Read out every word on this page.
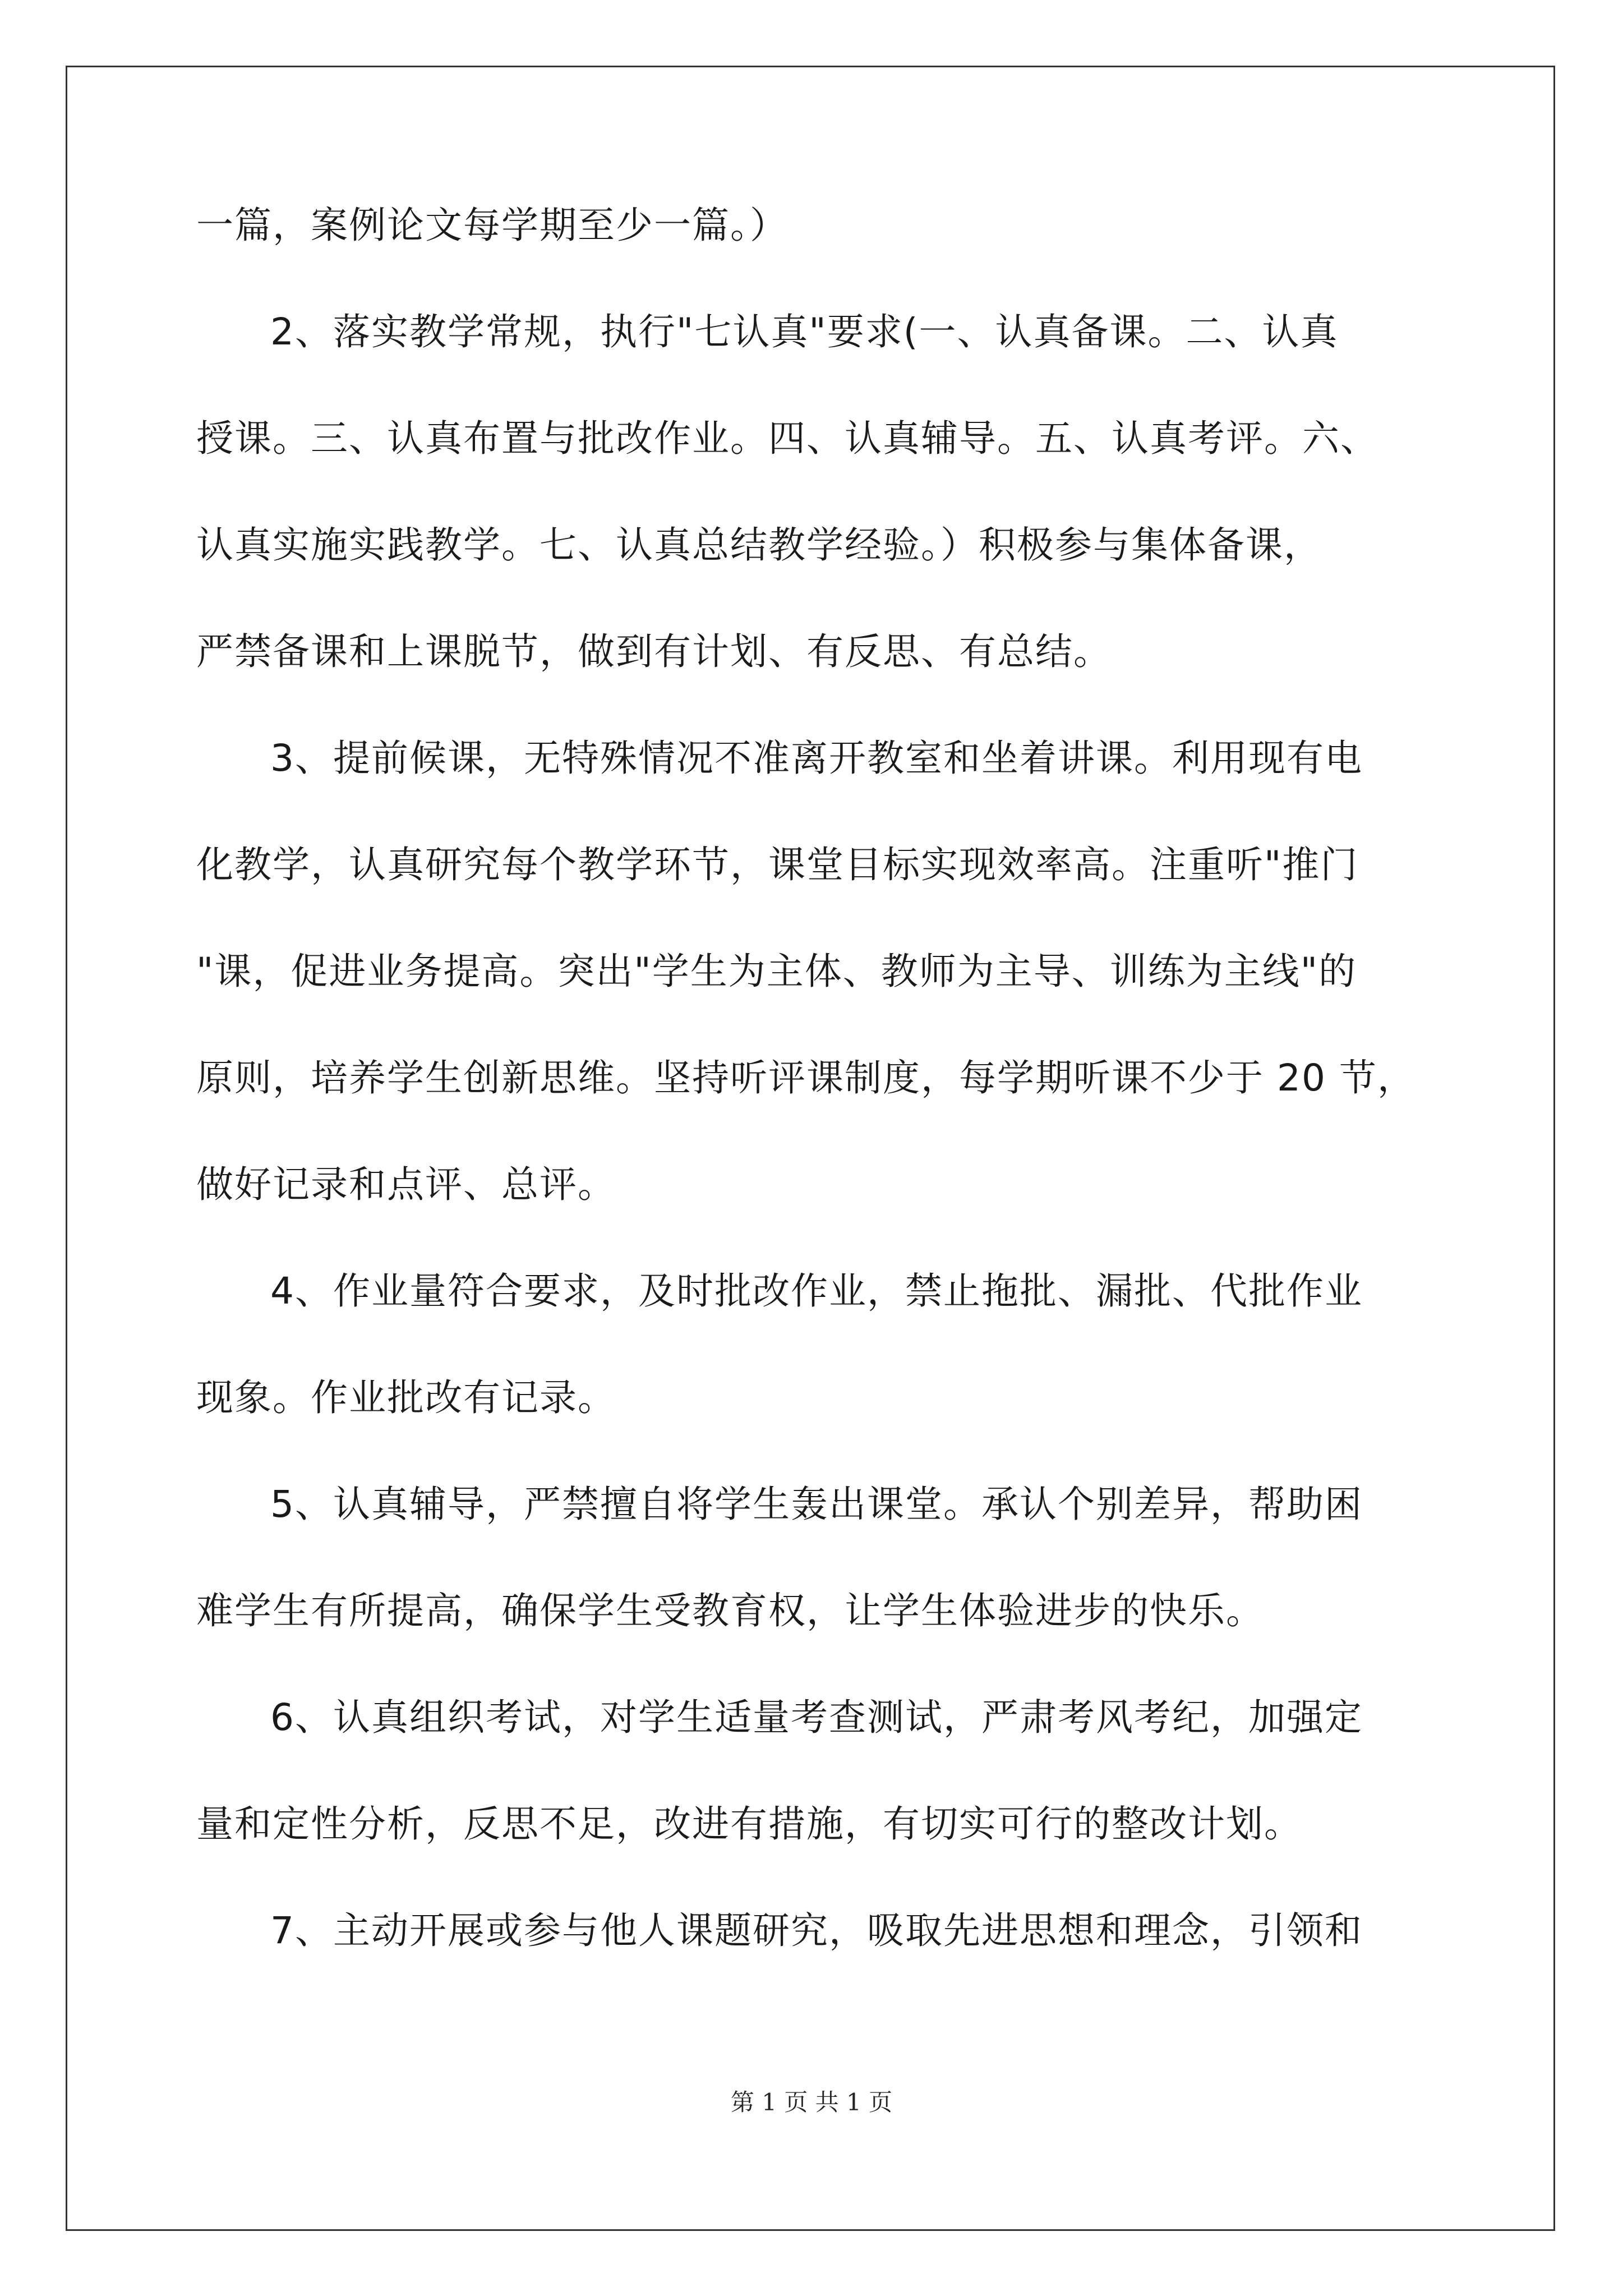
一篇，案例论文每学期至少一篇。）
2、落实教学常规，执行"七认真"要求(一、认真备课。二、认真
授课。三、认真布置与批改作业。四、认真辅导。五、认真考评。六、
认真实施实践教学。七、认真总结教学经验。）积极参与集体备课，
严禁备课和上课脱节，做到有计划、有反思、有总结。
3、提前候课，无特殊情况不准离开教室和坐着讲课。利用现有电
化教学，认真研究每个教学环节，课堂目标实现效率高。注重听"推门
"课，促进业务提高。突出"学生为主体、教师为主导、训练为主线"的
原则，培养学生创新思维。坚持听评课制度，每学期听课不少于 20 节，
做好记录和点评、总评。
4、作业量符合要求，及时批改作业，禁止拖批、漏批、代批作业
现象。作业批改有记录。
5、认真辅导，严禁擅自将学生轰出课堂。承认个别差异，帮助困
难学生有所提高，确保学生受教育权，让学生体验进步的快乐。
6、认真组织考试，对学生适量考查测试，严肃考风考纪，加强定
量和定性分析，反思不足，改进有措施，有切实可行的整改计划。
7、主动开展或参与他人课题研究，吸取先进思想和理念，引领和
第 1 页 共 1 页
